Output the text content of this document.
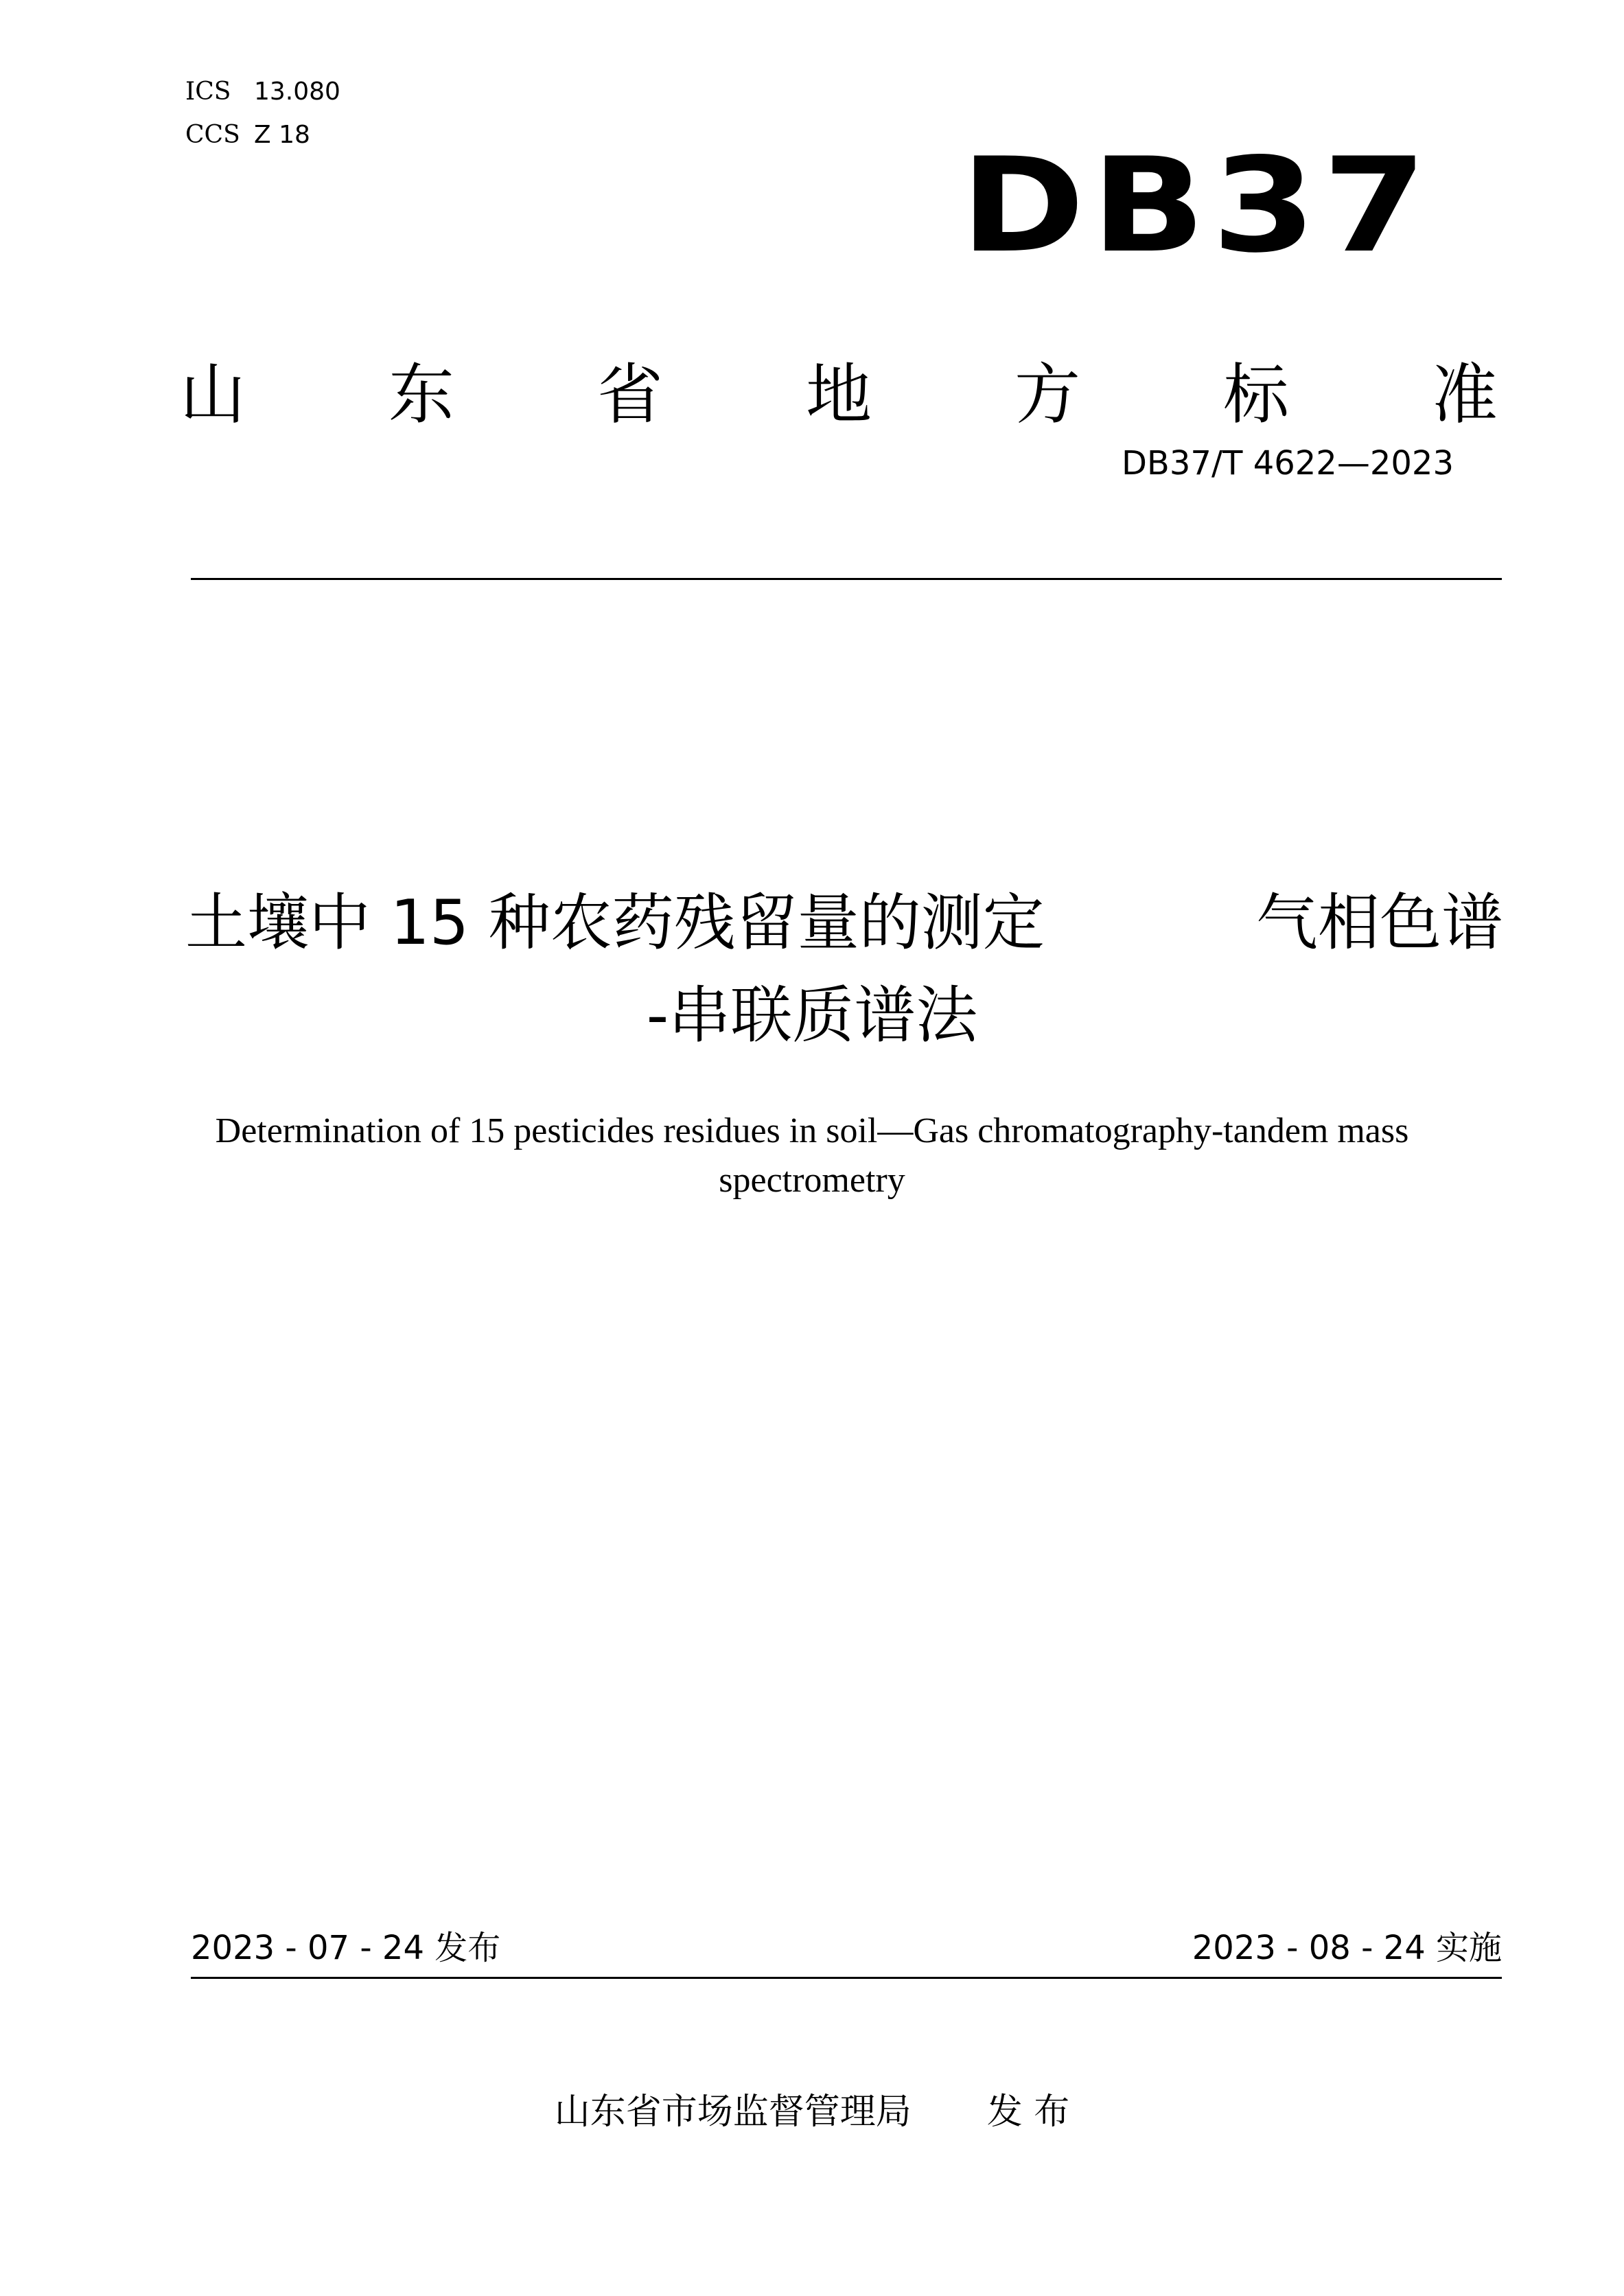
ICS 13.080
CCS Z 18	DB37
山 东 省 地 方 标 准
DB37/T 4622—2023
土壤中 15 种农药残留量的测定	气相色谱
-串联质谱法
Determination of 15 pesticides residues in soil—Gas chromatography-tandem mass
spectrometry
2023 - 07 - 24 发布	2023 - 08 - 24 实施
山东省市场监督管理局 发 布
